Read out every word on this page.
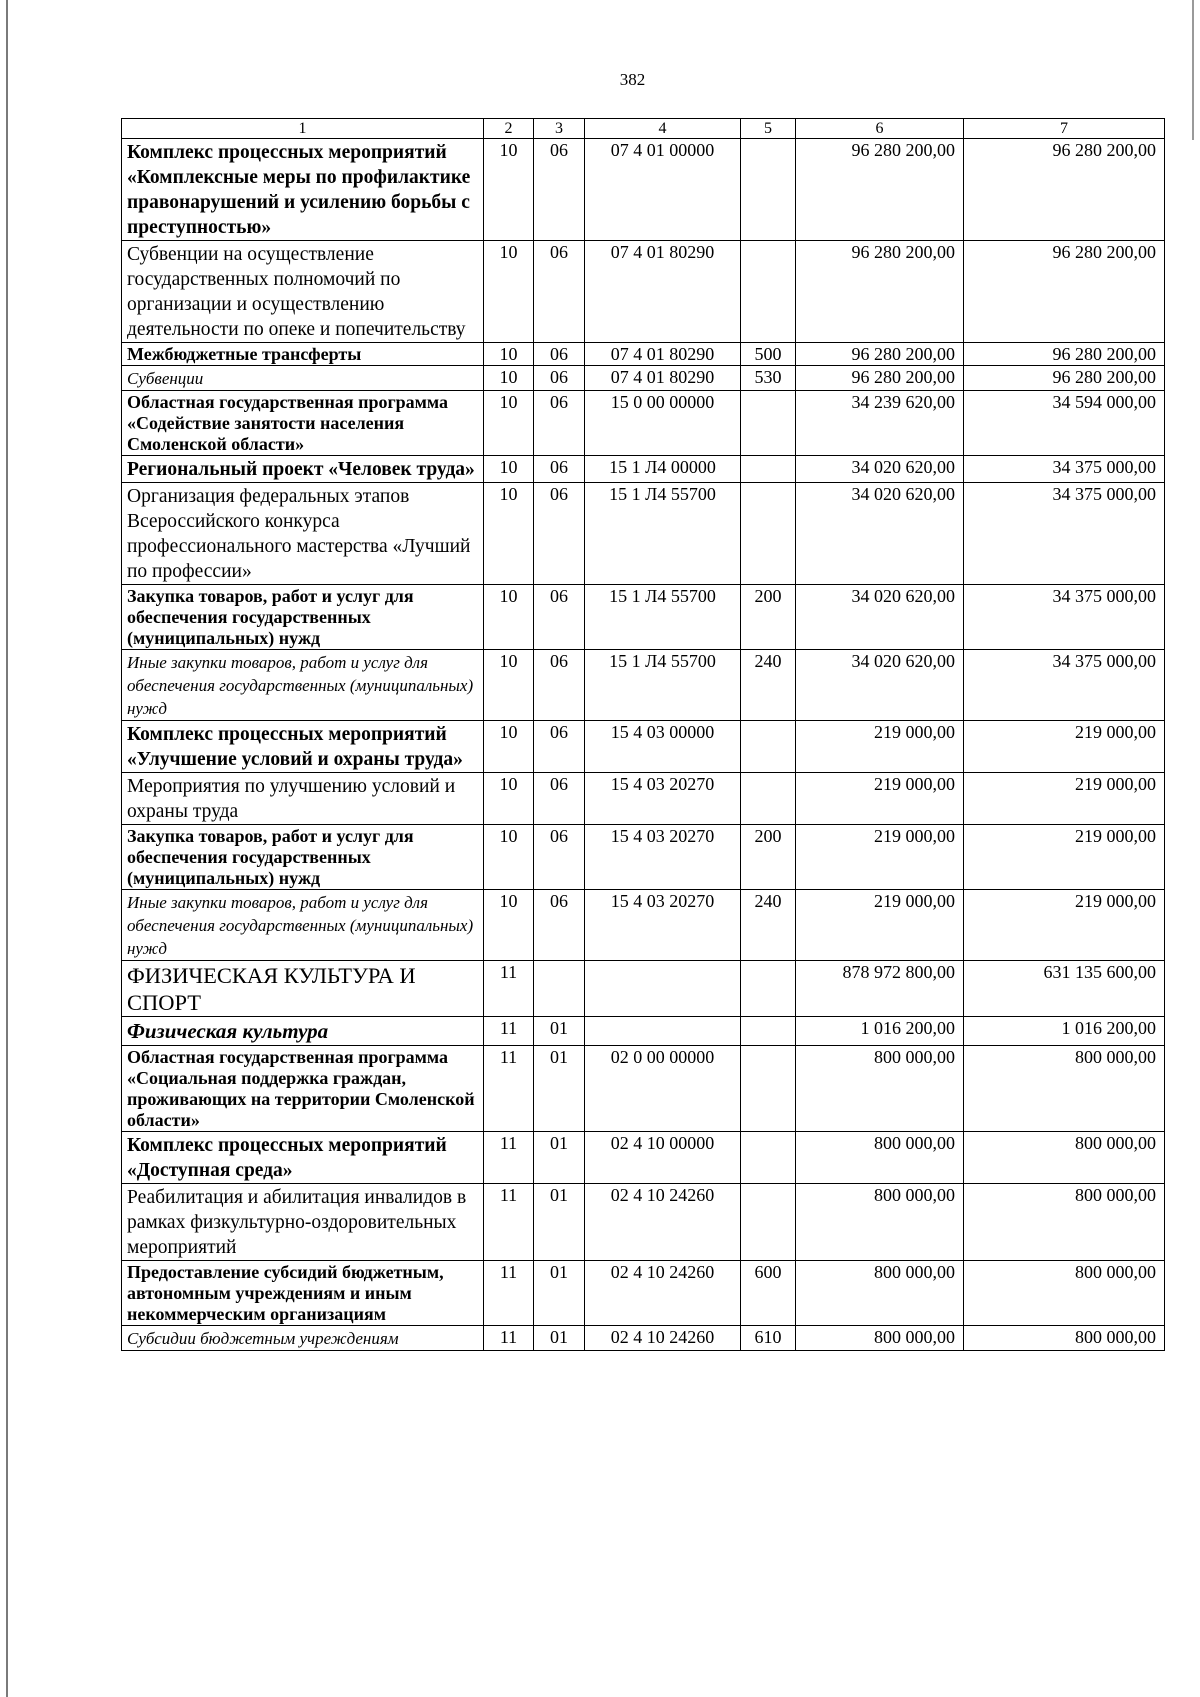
382
1	2	3	4	5	6	7
Комплекс процессных мероприятий «Комплексные меры по профилактике правонарушений и усилению борьбы с преступностью»	10	06	07 4 01 00000		96 280 200,00	96 280 200,00
Субвенции на осуществление государственных полномочий по организации и осуществлению деятельности по опеке и попечительству	10	06	07 4 01 80290		96 280 200,00	96 280 200,00
Межбюджетные трансферты	10	06	07 4 01 80290	500	96 280 200,00	96 280 200,00
Субвенции	10	06	07 4 01 80290	530	96 280 200,00	96 280 200,00
Областная государственная программа «Содействие занятости населения Смоленской области»	10	06	15 0 00 00000		34 239 620,00	34 594 000,00
Региональный проект «Человек труда»	10	06	15 1 Л4 00000		34 020 620,00	34 375 000,00
Организация федеральных этапов Всероссийского конкурса профессионального мастерства «Лучший по профессии»	10	06	15 1 Л4 55700		34 020 620,00	34 375 000,00
Закупка товаров, работ и услуг для обеспечения государственных (муниципальных) нужд	10	06	15 1 Л4 55700	200	34 020 620,00	34 375 000,00
Иные закупки товаров, работ и услуг для обеспечения государственных (муниципальных) нужд	10	06	15 1 Л4 55700	240	34 020 620,00	34 375 000,00
Комплекс процессных мероприятий «Улучшение условий и охраны труда»	10	06	15 4 03 00000		219 000,00	219 000,00
Мероприятия по улучшению условий и охраны труда	10	06	15 4 03 20270		219 000,00	219 000,00
Закупка товаров, работ и услуг для обеспечения государственных (муниципальных) нужд	10	06	15 4 03 20270	200	219 000,00	219 000,00
Иные закупки товаров, работ и услуг для обеспечения государственных (муниципальных) нужд	10	06	15 4 03 20270	240	219 000,00	219 000,00
ФИЗИЧЕСКАЯ КУЛЬТУРА И СПОРТ	11				878 972 800,00	631 135 600,00
Физическая культура	11	01			1 016 200,00	1 016 200,00
Областная государственная программа «Социальная поддержка граждан, проживающих на территории Смоленской области»	11	01	02 0 00 00000		800 000,00	800 000,00
Комплекс процессных мероприятий «Доступная среда»	11	01	02 4 10 00000		800 000,00	800 000,00
Реабилитация и абилитация инвалидов в рамках физкультурно-оздоровительных мероприятий	11	01	02 4 10 24260		800 000,00	800 000,00
Предоставление субсидий бюджетным, автономным учреждениям и иным некоммерческим организациям	11	01	02 4 10 24260	600	800 000,00	800 000,00
Субсидии бюджетным учреждениям	11	01	02 4 10 24260	610	800 000,00	800 000,00
